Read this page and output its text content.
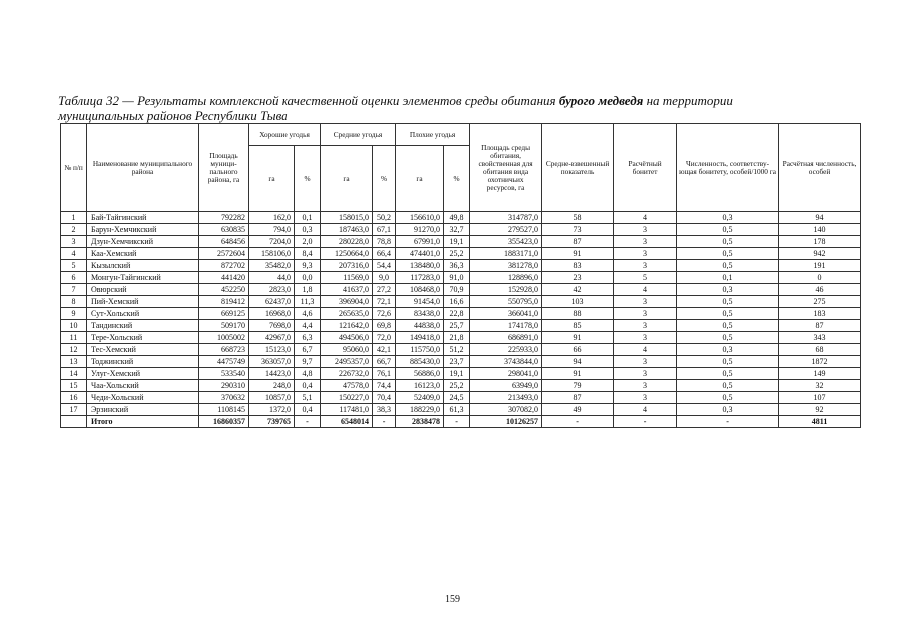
Таблица 32 — Результаты комплексной качественной оценки элементов среды обитания бурого медведя на территории
муниципальных районов Республики Тыва
№ п/п	Наименование муниципального района	Площадь муници-пального района, га	Хорошие угодья		Средние угодья		Плохие угодья		Площадь среды обитания, свойственная для обитания вида охотничьих ресурсов, га	Средне-взвешенный показатель	Расчётный бонитет	Численность, соответству-ющая бонитету, особей/1000 га	Расчётная численность, особей
			га	%	га	%	га	%					
1	Бай-Тайгинский	792282	162,0	0,1	158015,0	50,2	156610,0	49,8	314787,0	58	4	0,3	94
2	Барун-Хемчикский	630835	794,0	0,3	187463,0	67,1	91270,0	32,7	279527,0	73	3	0,5	140
3	Дзун-Хемчикский	648456	7204,0	2,0	280228,0	78,8	67991,0	19,1	355423,0	87	3	0,5	178
4	Каа-Хемский	2572604	158106,0	8,4	1250664,0	66,4	474401,0	25,2	1883171,0	91	3	0,5	942
5	Кызылский	872702	35482,0	9,3	207316,0	54,4	138480,0	36,3	381278,0	83	3	0,5	191
6	Монгун-Тайгинский	441420	44,0	0,0	11569,0	9,0	117283,0	91,0	128896,0	23	5	0,1	0
7	Овюрский	452250	2823,0	1,8	41637,0	27,2	108468,0	70,9	152928,0	42	4	0,3	46
8	Пий-Хемский	819412	62437,0	11,3	396904,0	72,1	91454,0	16,6	550795,0	103	3	0,5	275
9	Сут-Хольский	669125	16968,0	4,6	265635,0	72,6	83438,0	22,8	366041,0	88	3	0,5	183
10	Тандинский	509170	7698,0	4,4	121642,0	69,8	44838,0	25,7	174178,0	85	3	0,5	87
11	Тере-Хольский	1005002	42967,0	6,3	494506,0	72,0	149418,0	21,8	686891,0	91	3	0,5	343
12	Тес-Хемский	668723	15123,0	6,7	95060,0	42,1	115750,0	51,2	225933,0	66	4	0,3	68
13	Тоджинский	4475749	363057,0	9,7	2495357,0	66,7	885430,0	23,7	3743844,0	94	3	0,5	1872
14	Улуг-Хемский	533540	14423,0	4,8	226732,0	76,1	56886,0	19,1	298041,0	91	3	0,5	149
15	Чаа-Хольский	290310	248,0	0,4	47578,0	74,4	16123,0	25,2	63949,0	79	3	0,5	32
16	Чеди-Хольский	370632	10857,0	5,1	150227,0	70,4	52409,0	24,5	213493,0	87	3	0,5	107
17	Эрзинский	1108145	1372,0	0,4	117481,0	38,3	188229,0	61,3	307082,0	49	4	0,3	92
	Итого	16860357	739765	-	6548014	-	2838478	-	10126257	-	-	-	4811
159
